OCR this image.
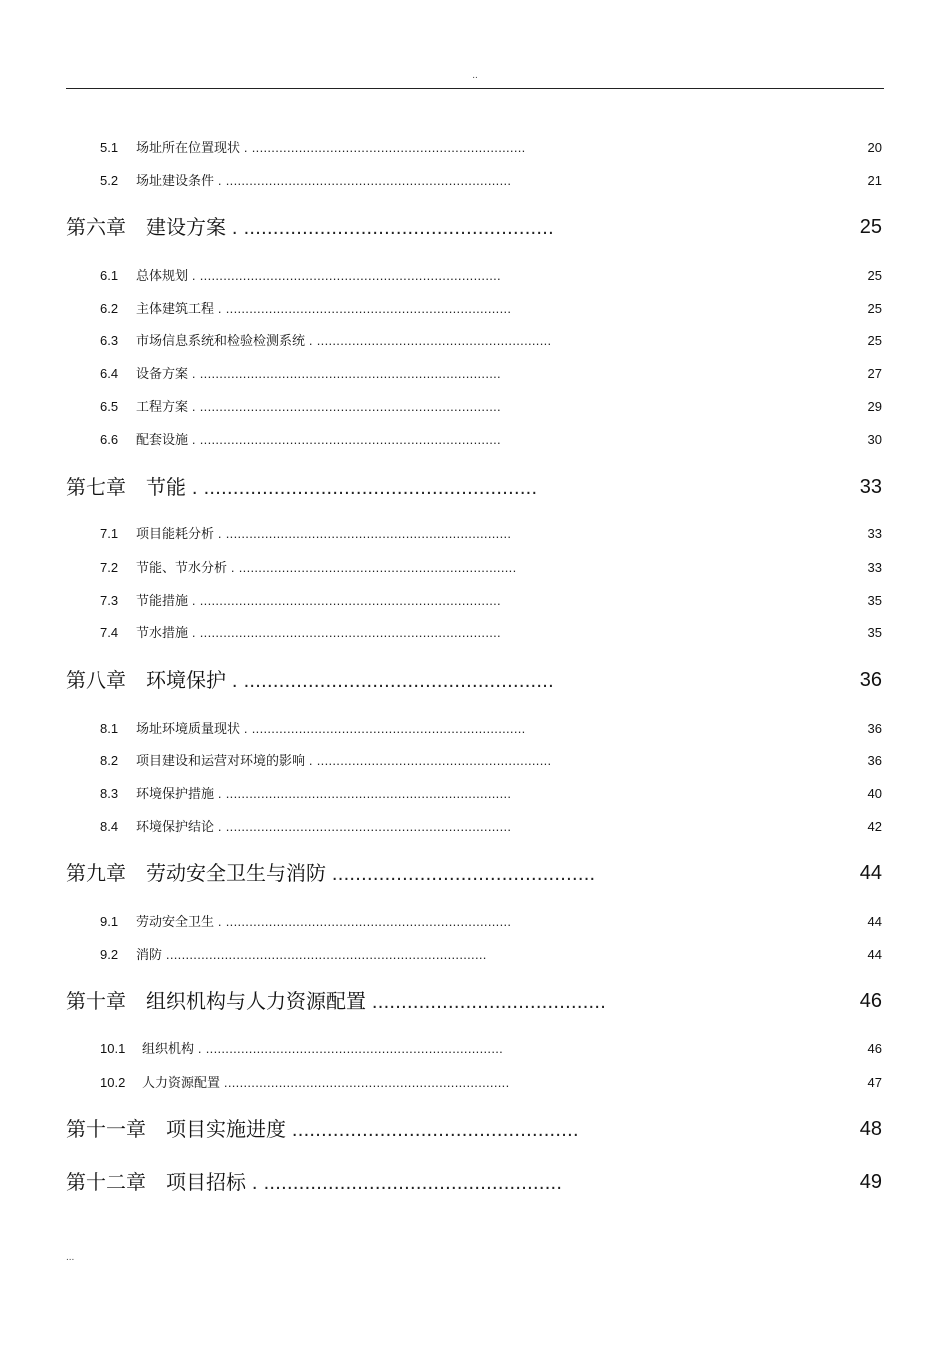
..
5.1 场址所在位置现状 . ......................................................................	20
5.2 场址建设条件 . .........................................................................	21
第六章  建设方案 . .....................................................	25
6.1 总体规划 . .............................................................................	25
6.2 主体建筑工程 . .........................................................................	25
6.3 市场信息系统和检验检测系统 . ............................................................	25
6.4 设备方案 . .............................................................................	27
6.5 工程方案 . .............................................................................	29
6.6 配套设施 . .............................................................................	30
第七章  节能 . .........................................................	33
7.1 项目能耗分析 . .........................................................................	33
7.2 节能、节水分析 . .......................................................................	33
7.3 节能措施 . .............................................................................	35
7.4 节水措施 . .............................................................................	35
第八章  环境保护 . .....................................................	36
8.1 场址环境质量现状 . ......................................................................	36
8.2 项目建设和运营对环境的影响 . ............................................................	36
8.3 环境保护措施 . .........................................................................	40
8.4 环境保护结论 . .........................................................................	42
第九章  劳动安全卫生与消防 .............................................	44
9.1 劳动安全卫生 . .........................................................................	44
9.2 消防 ..................................................................................	44
第十章  组织机构与人力资源配置 ........................................	46
10.1 组织机构 . ............................................................................	46
10.2 人力资源配置 .........................................................................	47
第十一章  项目实施进度 .................................................	48
第十二章  项目招标 . ...................................................	49
...
